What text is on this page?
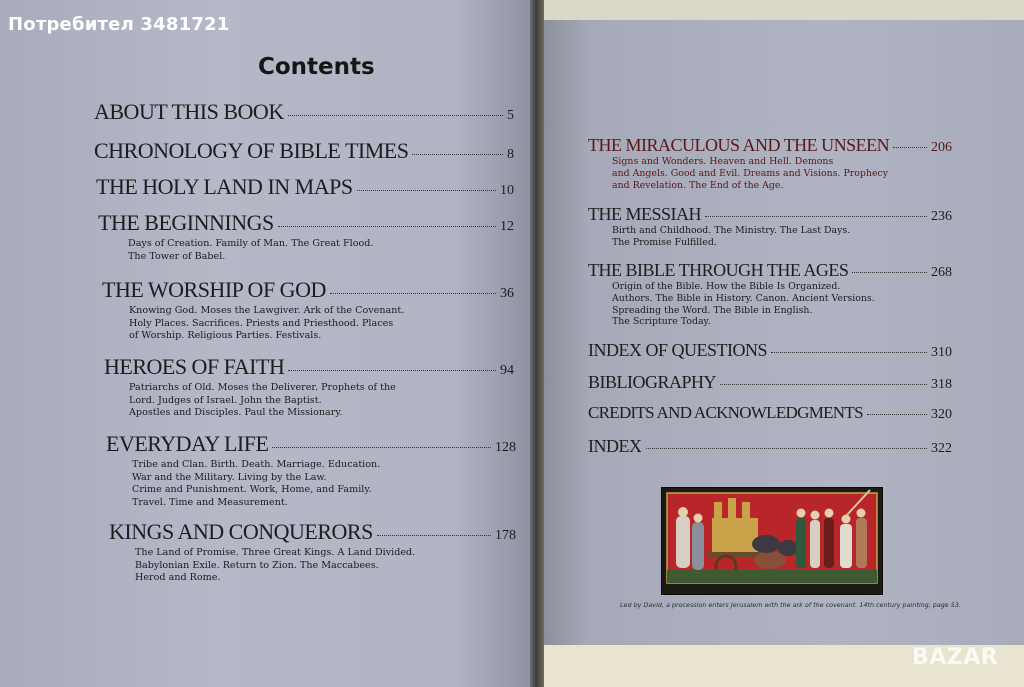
Потребител 3481721
Contents
ABOUT THIS BOOK	5
CHRONOLOGY OF BIBLE TIMES	8
THE HOLY LAND IN MAPS	10
THE BEGINNINGS	12
Days of Creation. Family of Man. The Great Flood.
The Tower of Babel.
THE WORSHIP OF GOD	36
Knowing God. Moses the Lawgiver. Ark of the Covenant.
Holy Places. Sacrifices. Priests and Priesthood. Places
of Worship. Religious Parties. Festivals.
HEROES OF FAITH	94
Patriarchs of Old. Moses the Deliverer. Prophets of the
Lord. Judges of Israel. John the Baptist.
Apostles and Disciples. Paul the Missionary.
EVERYDAY LIFE	128
Tribe and Clan. Birth. Death. Marriage. Education.
War and the Military. Living by the Law.
Crime and Punishment. Work, Home, and Family.
Travel. Time and Measurement.
KINGS AND CONQUERORS	178
The Land of Promise. Three Great Kings. A Land Divided.
Babylonian Exile. Return to Zion. The Maccabees.
Herod and Rome.
THE MIRACULOUS AND THE UNSEEN	206
Signs and Wonders. Heaven and Hell. Demons
and Angels. Good and Evil. Dreams and Visions. Prophecy
and Revelation. The End of the Age.
THE MESSIAH	236
Birth and Childhood. The Ministry. The Last Days.
The Promise Fulfilled.
THE BIBLE THROUGH THE AGES	268
Origin of the Bible. How the Bible Is Organized.
Authors. The Bible in History. Canon. Ancient Versions.
Spreading the Word. The Bible in English.
The Scripture Today.
INDEX OF QUESTIONS	310
BIBLIOGRAPHY	318
CREDITS AND ACKNOWLEDGMENTS	320
INDEX	322
Led by David, a procession enters Jerusalem with the ark of the covenant. 14th century painting, page 53.
BAZAR
